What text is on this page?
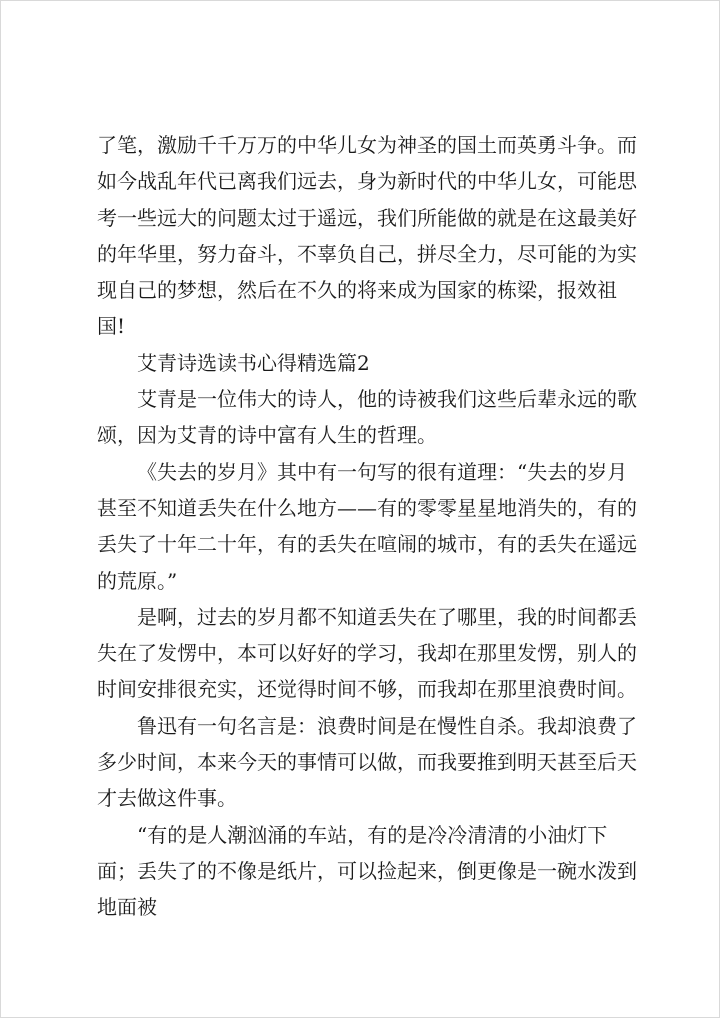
了笔，激励千千万万的中华儿女为神圣的国土而英勇斗争。而如今战乱年代已离我们远去，身为新时代的中华儿女，可能思考一些远大的问题太过于遥远，我们所能做的就是在这最美好的年华里，努力奋斗，不辜负自己，拼尽全力，尽可能的为实现自己的梦想，然后在不久的将来成为国家的栋梁，报效祖国!

艾青诗选读书心得精选篇2

艾青是一位伟大的诗人，他的诗被我们这些后辈永远的歌颂，因为艾青的诗中富有人生的哲理。

《失去的岁月》其中有一句写的很有道理：“失去的岁月甚至不知道丢失在什么地方——有的零零星星地消失的，有的丢失了十年二十年，有的丢失在喧闹的城市，有的丢失在遥远的荒原。”

是啊，过去的岁月都不知道丢失在了哪里，我的时间都丢失在了发愣中，本可以好好的学习，我却在那里发愣，别人的时间安排很充实，还觉得时间不够，而我却在那里浪费时间。

鲁迅有一句名言是：浪费时间是在慢性自杀。我却浪费了多少时间，本来今天的事情可以做，而我要推到明天甚至后天才去做这件事。

“有的是人潮汹涌的车站，有的是冷冷清清的小油灯下面；丢失了的不像是纸片，可以捡起来，倒更像是一碗水泼到地面被
